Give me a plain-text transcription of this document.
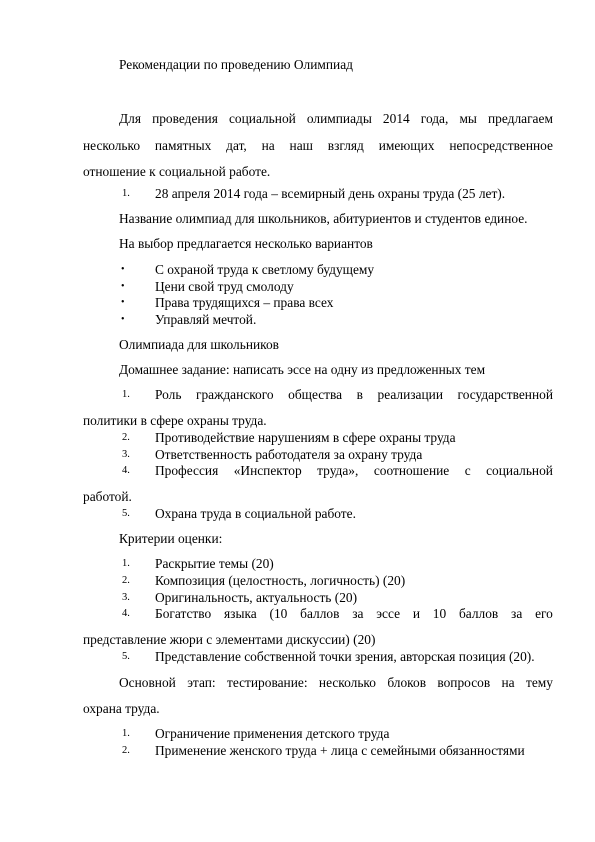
Рекомендации по проведению Олимпиад
Для проведения социальной олимпиады 2014 года, мы предлагаем
несколько памятных дат, на наш взгляд имеющих непосредственное
отношение к социальной работе.
1. 28 апреля 2014 года – всемирный день охраны труда (25 лет).
Название олимпиад для школьников, абитуриентов и студентов единое.
На выбор предлагается несколько вариантов
• С охраной труда к светлому будущему
• Цени свой труд смолоду
• Права трудящихся – права всех
• Управляй мечтой.
Олимпиада для школьников
Домашнее задание: написать эссе на одну из предложенных тем
1. Роль гражданского общества в реализации государственной
политики в сфере охраны труда.
2. Противодействие нарушениям в сфере охраны труда
3. Ответственность работодателя за охрану труда
4. Профессия «Инспектор труда», соотношение с социальной
работой.
5. Охрана труда в социальной работе.
Критерии оценки:
1. Раскрытие темы (20)
2. Композиция (целостность, логичность) (20)
3. Оригинальность, актуальность (20)
4. Богатство языка (10 баллов за эссе и 10 баллов за его
представление жюри с элементами дискуссии) (20)
5. Представление собственной точки зрения, авторская позиция (20).
Основной этап: тестирование: несколько блоков вопросов на тему
охрана труда.
1. Ограничение применения детского труда
2. Применение женского труда + лица с семейными обязанностями
